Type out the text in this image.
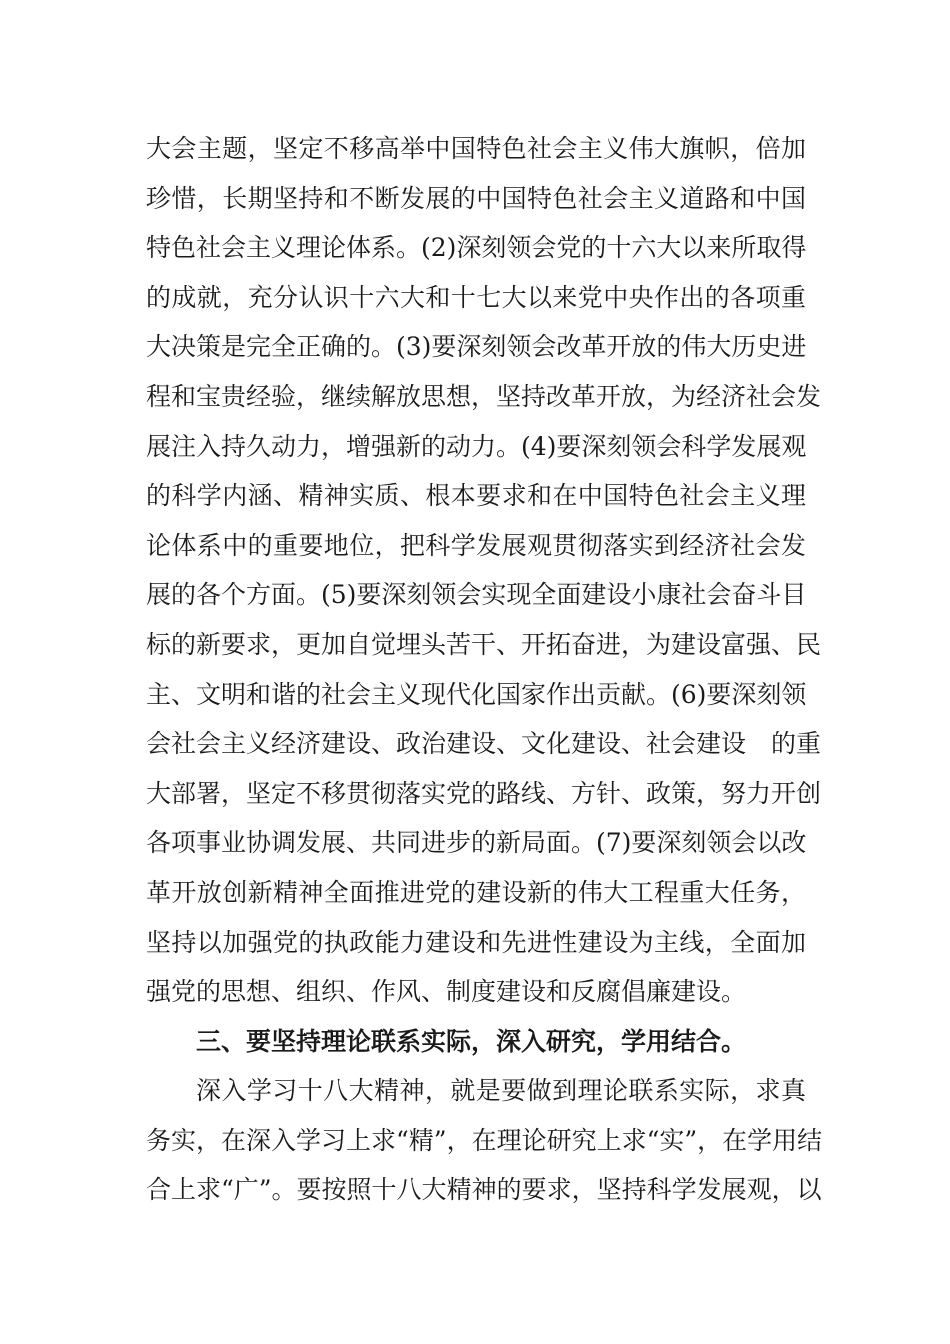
大会主题，坚定不移高举中国特色社会主义伟大旗帜，倍加
珍惜，长期坚持和不断发展的中国特色社会主义道路和中国
特色社会主义理论体系。(2)深刻领会党的十六大以来所取得
的成就，充分认识十六大和十七大以来党中央作出的各项重
大决策是完全正确的。(3)要深刻领会改革开放的伟大历史进
程和宝贵经验，继续解放思想，坚持改革开放，为经济社会发
展注入持久动力，增强新的动力。(4)要深刻领会科学发展观
的科学内涵、精神实质、根本要求和在中国特色社会主义理
论体系中的重要地位，把科学发展观贯彻落实到经济社会发
展的各个方面。(5)要深刻领会实现全面建设小康社会奋斗目
标的新要求，更加自觉埋头苦干、开拓奋进，为建设富强、民
主、文明和谐的社会主义现代化国家作出贡献。(6)要深刻领
会社会主义经济建设、政治建设、文化建设、社会建设　的重
大部署，坚定不移贯彻落实党的路线、方针、政策，努力开创
各项事业协调发展、共同进步的新局面。(7)要深刻领会以改
革开放创新精神全面推进党的建设新的伟大工程重大任务，
坚持以加强党的执政能力建设和先进性建设为主线，全面加
强党的思想、组织、作风、制度建设和反腐倡廉建设。
三、要坚持理论联系实际，深入研究，学用结合。
深入学习十八大精神，就是要做到理论联系实际，求真
务实，在深入学习上求“精”，在理论研究上求“实”，在学用结
合上求“广”。要按照十八大精神的要求，坚持科学发展观，以
